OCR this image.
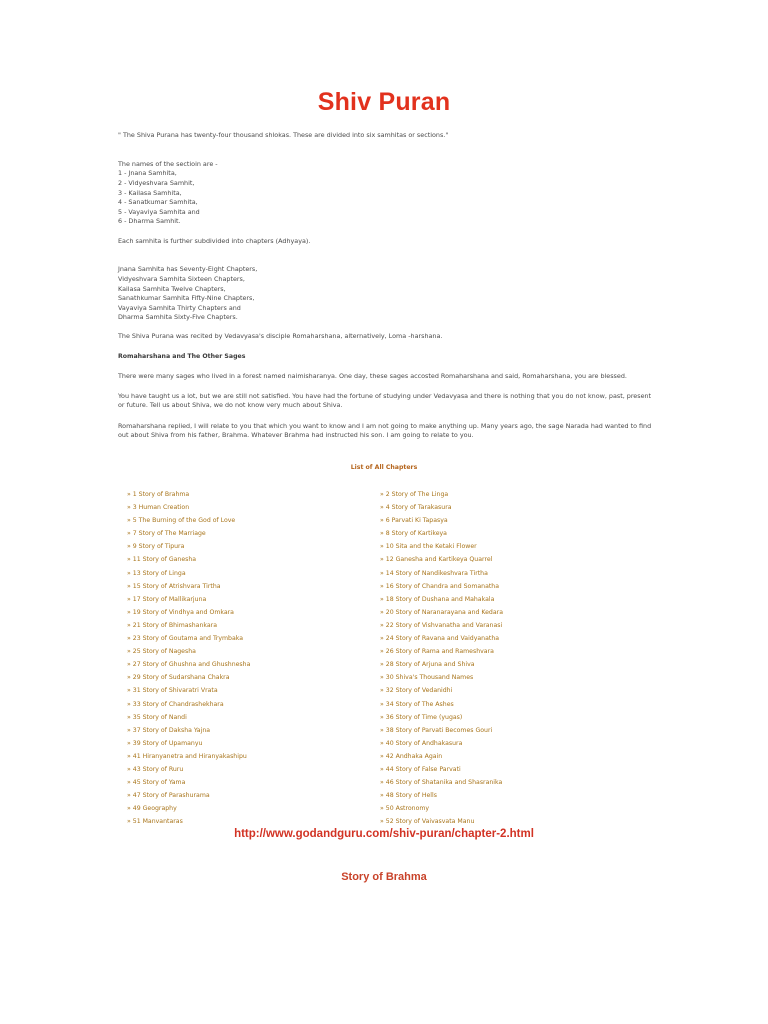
Shiv Puran

" The Shiva Purana has twenty-four thousand shlokas. These are divided into six samhitas or sections."

The names of the sectioin are -

1 - Jnana Samhita,

2 - Vidyeshvara Samhit,

3 - Kailasa Samhita,

4 - Sanatkumar Samhita,

5 - Vayaviya Samhita and

6 - Dharma Samhit.

Each samhita is further subdivided into chapters (Adhyaya).

Jnana Samhita has Seventy-Eight Chapters,

Vidyeshvara Samhita Sixteen Chapters,

Kailasa Samhita Twelve Chapters,

Sanathkumar Samhita Fifty-Nine Chapters,

Vayaviya Samhita Thirty Chapters and

Dharma Samhita Sixty-Five Chapters.

The Shiva Purana was recited by Vedavyasa's disciple Romaharshana, alternatively, Loma -harshana.

Romaharshana and The Other Sages

There were many sages who lived in a forest named naimisharanya. One day, these sages accosted Romaharshana and said, Romaharshana, you are blessed.

You have taught us a lot, but we are still not satisfied. You have had the fortune of studying under Vedavyasa and there is nothing that you do not know, past, present or future. Tell us about Shiva, we do not know very much about Shiva.

Romaharshana replied, I will relate to you that which you want to know and I am not going to make anything up. Many years ago, the sage Narada had wanted to find out about Shiva from his father, Brahma. Whatever Brahma had instructed his son. I am going to relate to you.

List of All Chapters
» 1 Story of Brahma	» 2 Story of The Linga
» 3 Human Creation	» 4 Story of Tarakasura
» 5 The Burning of the God of Love	» 6 Parvati Ki Tapasya
» 7 Story of The Marriage	» 8 Story of Kartikeya
» 9 Story of Tipura	» 10 Sita and the Ketaki Flower
» 11 Story of Ganesha	» 12 Ganesha and Kartikeya Quarrel
» 13 Story of Linga	» 14 Story of Nandikeshvara Tirtha
» 15 Story of Atrishvara Tirtha	» 16 Story of Chandra and Somanatha
» 17 Story of Mallikarjuna	» 18 Story of Dushana and Mahakala
» 19 Story of Vindhya and Omkara	» 20 Story of Naranarayana and Kedara
» 21 Story of Bhimashankara	» 22 Story of Vishvanatha and Varanasi
» 23 Story of Goutama and Trymbaka	» 24 Story of Ravana and Vaidyanatha
» 25 Story of Nagesha	» 26 Story of Rama and Rameshvara
» 27 Story of Ghushna and Ghushnesha	» 28 Story of Arjuna and Shiva
» 29 Story of Sudarshana Chakra	» 30 Shiva's Thousand Names
» 31 Story of Shivaratri Vrata	» 32 Story of Vedanidhi
» 33 Story of Chandrashekhara	» 34 Story of The Ashes
» 35 Story of Nandi	» 36 Story of Time (yugas)
» 37 Story of Daksha Yajna	» 38 Story of Parvati Becomes Gouri
» 39 Story of Upamanyu	» 40 Story of Andhakasura
» 41 Hiranyanetra and Hiranyakashipu	» 42 Andhaka Again
» 43 Story of Ruru	» 44 Story of False Parvati
» 45 Story of Yama	» 46 Story of Shatanika and Shasranika
» 47 Story of Parashurama	» 48 Story of Hells
» 49 Geography	» 50 Astronomy
» 51 Manvantaras	» 52 Story of Vaivasvata Manu
http://www.godandguru.com/shiv-puran/chapter-2.html
Story of Brahma
